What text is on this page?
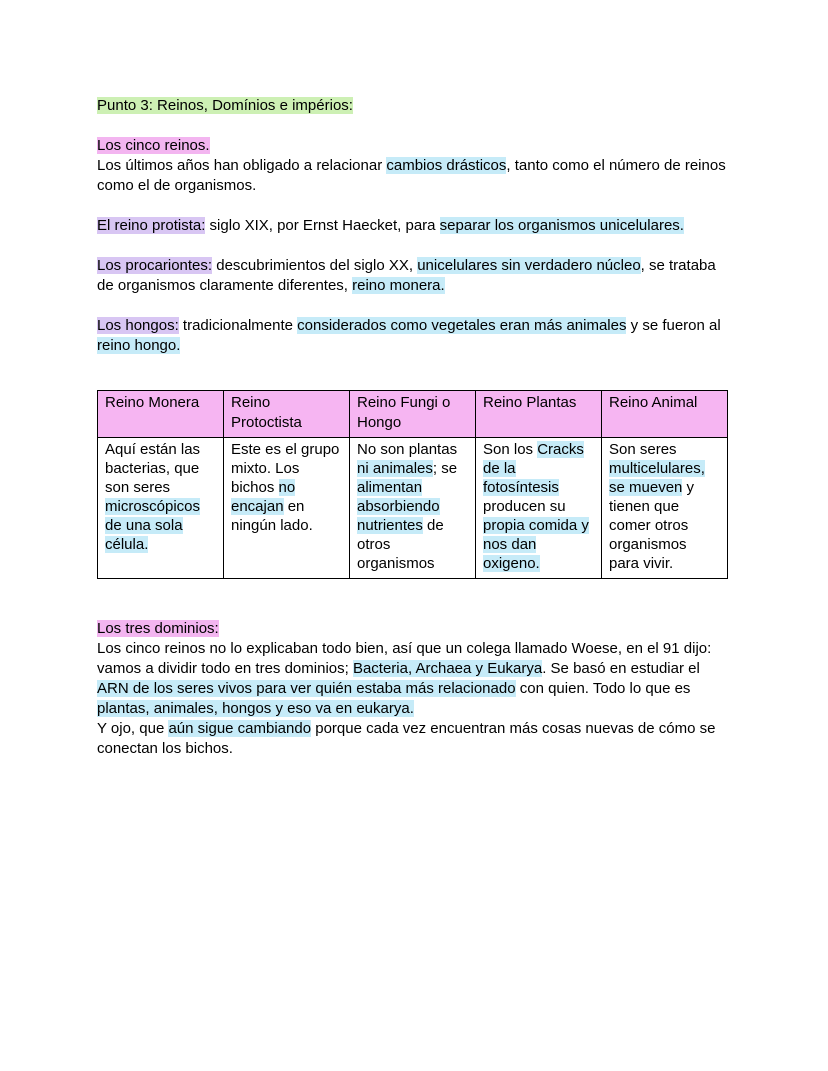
Punto 3: Reinos, Domínios e impérios:

Los cinco reinos.

Los últimos años han obligado a relacionar cambios drásticos, tanto como el número de reinos como el de organismos.

El reino protista: siglo XIX, por Ernst Haecket, para separar los organismos unicelulares.

Los procariontes: descubrimientos del siglo XX, unicelulares sin verdadero núcleo, se trataba de organismos claramente diferentes, reino monera.

Los hongos: tradicionalmente considerados como vegetales eran más animales y se fueron al reino hongo.

Reino Monera	Reino Protoctista	Reino Fungi o Hongo	Reino Plantas	Reino Animal
Aquí están las bacterias, que son seres microscópicos de una sola célula.	Este es el grupo mixto. Los bichos no encajan en ningún lado.	No son plantas ni animales; se alimentan absorbiendo nutrientes de otros organismos	Son los Cracks de la fotosíntesis producen su propia comida y nos dan oxigeno.	Son seres multicelulares, se mueven y tienen que comer otros organismos para vivir.

Los tres dominios:

Los cinco reinos no lo explicaban todo bien, así que un colega llamado Woese, en el 91 dijo: vamos a dividir todo en tres dominios; Bacteria, Archaea y Eukarya. Se basó en estudiar el ARN de los seres vivos para ver quién estaba más relacionado con quien. Todo lo que es plantas, animales, hongos y eso va en eukarya.

Y ojo, que aún sigue cambiando porque cada vez encuentran más cosas nuevas de cómo se conectan los bichos.
